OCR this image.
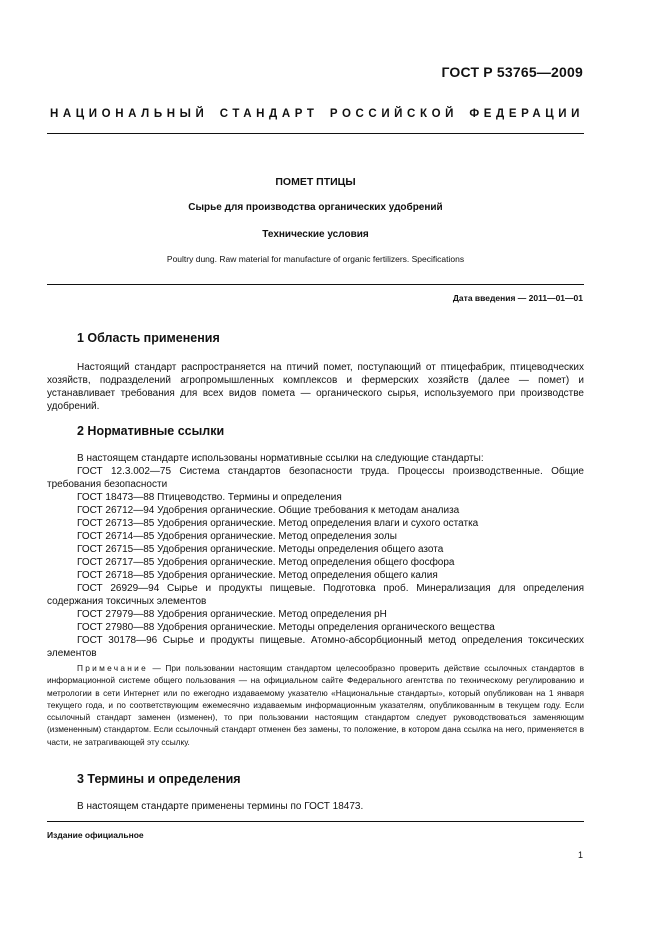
ГОСТ Р 53765—2009
НАЦИОНАЛЬНЫЙ СТАНДАРТ РОССИЙСКОЙ ФЕДЕРАЦИИ
ПОМЕТ ПТИЦЫ
Сырье для производства органических удобрений
Технические условия
Poultry dung. Raw material for manufacture of organic fertilizers. Specifications
Дата введения — 2011—01—01
1 Область применения
Настоящий стандарт распространяется на птичий помет, поступающий от птицефабрик, птицеводческих хозяйств, подразделений агропромышленных комплексов и фермерских хозяйств (далее — помет) и устанавливает требования для всех видов помета — органического сырья, используемого при производстве удобрений.
2 Нормативные ссылки
В настоящем стандарте использованы нормативные ссылки на следующие стандарты:
ГОСТ 12.3.002—75 Система стандартов безопасности труда. Процессы производственные. Общие требования безопасности
ГОСТ 18473—88 Птицеводство. Термины и определения
ГОСТ 26712—94 Удобрения органические. Общие требования к методам анализа
ГОСТ 26713—85 Удобрения органические. Метод определения влаги и сухого остатка
ГОСТ 26714—85 Удобрения органические. Метод определения золы
ГОСТ 26715—85 Удобрения органические. Методы определения общего азота
ГОСТ 26717—85 Удобрения органические. Метод определения общего фосфора
ГОСТ 26718—85 Удобрения органические. Метод определения общего калия
ГОСТ 26929—94 Сырье и продукты пищевые. Подготовка проб. Минерализация для определения содержания токсичных элементов
ГОСТ 27979—88 Удобрения органические. Метод определения рН
ГОСТ 27980—88 Удобрения органические. Методы определения органического вещества
ГОСТ 30178—96 Сырье и продукты пищевые. Атомно-абсорбционный метод определения токсических элементов
Примечание — При пользовании настоящим стандартом целесообразно проверить действие ссылочных стандартов в информационной системе общего пользования — на официальном сайте Федерального агентства по техническому регулированию и метрологии в сети Интернет или по ежегодно издаваемому указателю «Национальные стандарты», который опубликован на 1 января текущего года, и по соответствующим ежемесячно издаваемым информационным указателям, опубликованным в текущем году. Если ссылочный стандарт заменен (изменен), то при пользовании настоящим стандартом следует руководствоваться заменяющим (измененным) стандартом. Если ссылочный стандарт отменен без замены, то положение, в котором дана ссылка на него, применяется в части, не затрагивающей эту ссылку.
3 Термины и определения
В настоящем стандарте применены термины по ГОСТ 18473.
Издание официальное
1
